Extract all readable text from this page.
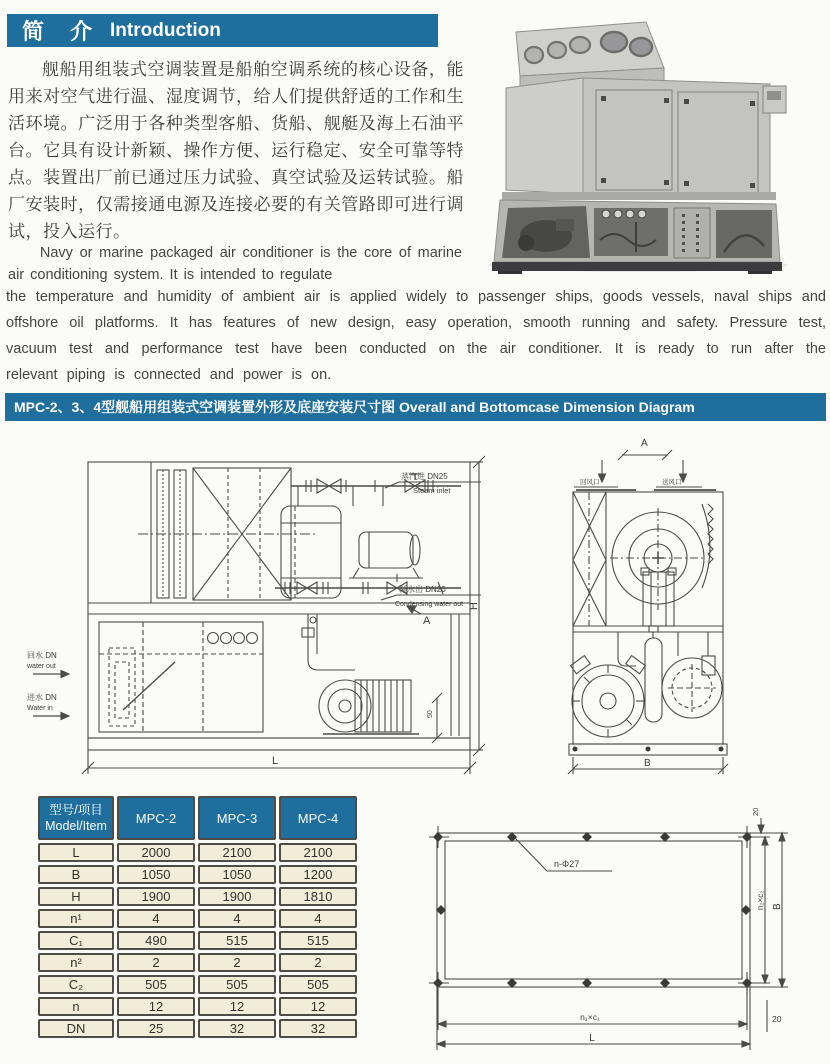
简　介 Introduction
舰船用组装式空调装置是船舶空调系统的核心设备，能用来对空气进行温、湿度调节，给人们提供舒适的工作和生活环境。广泛用于各种类型客船、货船、舰艇及海上石油平台。它具有设计新颖、操作方便、运行稳定、安全可靠等特点。装置出厂前已通过压力试验、真空试验及运转试验。船厂安装时，仅需接通电源及连接必要的有关管路即可进行调试，投入运行。
Navy or marine packaged air conditioner is the core of marine air conditioning system. It is intended to regulate
the temperature and humidity of ambient air is applied widely to passenger ships, goods vessels, naval ships and offshore oil platforms. It has features of new design, easy operation, smooth running and safety. Pressure test, vacuum test and performance test have been conducted on the air conditioner. It is ready to run after the relevant piping is connected and power is on.
MPC-2、3、4型舰船用组装式空调装置外形及底座安装尺寸图 Overall and Bottomcase Dimension Diagram
蒸汽进 DN25
Steam inlet
凝水出 DN20
Condensing water out
A
H
L
50
回水 DN
water out
进水 DN
Water in
A
回风口	送风口
B
n-Φ27
20
n₂×c₂ B
n₁×c₁
L
20
型号/项目
Model/Item	MPC-2	MPC-3	MPC-4
L	2000	2100	2100
B	1050	1050	1200
H	1900	1900	1810
n¹	4	4	4
C₁	490	515	515
n²	2	2	2
C₂	505	505	505
n	12	12	12
DN	25	32	32
